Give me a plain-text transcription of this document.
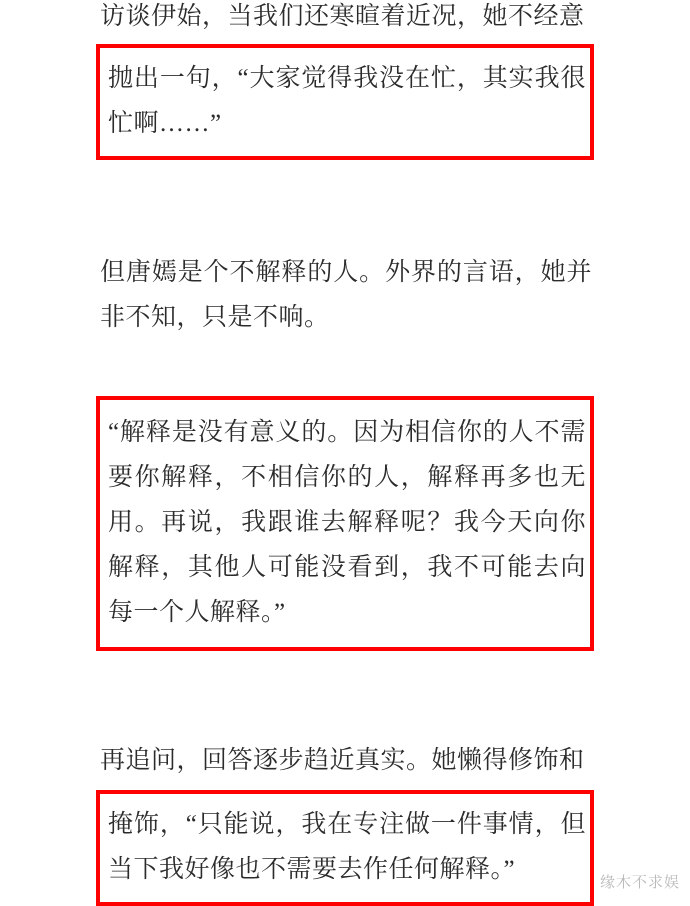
访谈伊始，当我们还寒暄着近况，她不经意
抛出一句，“大家觉得我没在忙，其实我很忙啊……”
但唐嫣是个不解释的人。外界的言语，她并非不知，只是不响。
“解释是没有意义的。因为相信你的人不需要你解释，不相信你的人，解释再多也无用。再说，我跟谁去解释呢？我今天向你解释，其他人可能没看到，我不可能去向每一个人解释。”
再追问，回答逐步趋近真实。她懒得修饰和
掩饰，“只能说，我在专注做一件事情，但当下我好像也不需要去作任何解释。”	缘木不求娱
